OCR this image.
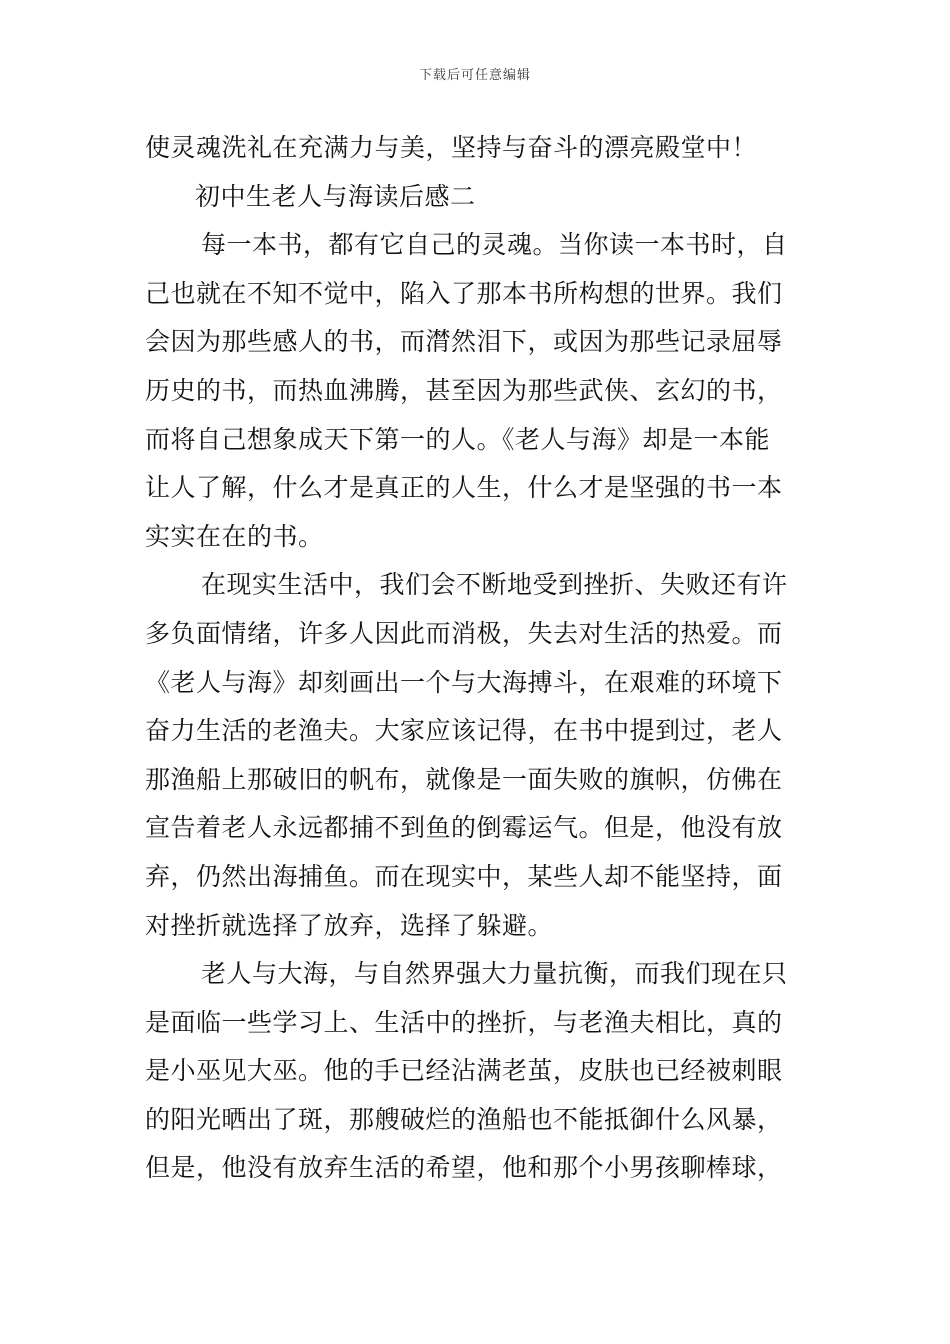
下载后可任意编辑
使灵魂洗礼在充满力与美，坚持与奋斗的漂亮殿堂中！
初中生老人与海读后感二
每一本书，都有它自己的灵魂。当你读一本书时，自
己也就在不知不觉中，陷入了那本书所构想的世界。我们
会因为那些感人的书，而潸然泪下，或因为那些记录屈辱
历史的书，而热血沸腾，甚至因为那些武侠、玄幻的书，
而将自己想象成天下第一的人。《老人与海》却是一本能
让人了解，什么才是真正的人生，什么才是坚强的书一本
实实在在的书。
在现实生活中，我们会不断地受到挫折、失败还有许
多负面情绪，许多人因此而消极，失去对生活的热爱。而
《老人与海》却刻画出一个与大海搏斗，在艰难的环境下
奋力生活的老渔夫。大家应该记得，在书中提到过，老人
那渔船上那破旧的帆布，就像是一面失败的旗帜，仿佛在
宣告着老人永远都捕不到鱼的倒霉运气。但是，他没有放
弃，仍然出海捕鱼。而在现实中，某些人却不能坚持，面
对挫折就选择了放弃，选择了躲避。
老人与大海，与自然界强大力量抗衡，而我们现在只
是面临一些学习上、生活中的挫折，与老渔夫相比，真的
是小巫见大巫。他的手已经沾满老茧，皮肤也已经被刺眼
的阳光晒出了斑，那艘破烂的渔船也不能抵御什么风暴，
但是，他没有放弃生活的希望，他和那个小男孩聊棒球，
